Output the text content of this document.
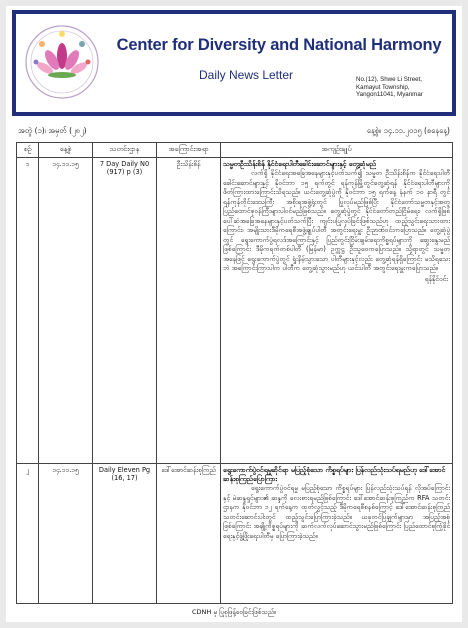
Center for Diversity and National Harmony
Daily News Letter	No.(12), Shwe Li Street,
Kamayut Township,
Yangon11041, Myanmar
အတွဲ (၁)၊ အမှတ် (၂၈၂)	နေ့စွဲ။ ၁၄.၁၁.၂၀၁၅ (စနေနေ့)
စဉ်	နေ့စွဲ	သတင်းဌာန	အကြောင်းအရာ	အကျဉ်းချုပ်
၁	၁၄.၁၁.၁၅	7 Day Daily N0 (917) p (3)	ဦးသိန်းစိန်	သမ္မတဦးသိန်းစိန် နိုင်ငံရေးပါတီခေါင်းဆောင်များနှင့် တွေ့ဆုံမည်
လက်ရှိ နိုင်ငံရေးအခြေအနေများနှင့်ပတ်သက်၍ သမ္မတ ဦးသိန်းစိန်က နိုင်ငံရေးပါတီခေါင်းဆောင်များနှင့် နိုဝင်ဘာ ၁၅ ရက်တွင် ရန်ကုန်မြို့တွင်တွေ့ဆုံရန် နိုင်ငံရေးပါတီများကို ဖိတ်ကြားထားကြောင်းသိရသည်။ ယင်းတွေ့ဆုံပွဲကို နိုဝင်ဘာ ၁၅ ရက်နေ့ နံနက် ၁၀ နာရီ တွင် ရန်ကုန်တိုင်းဒေသကြီး အစိုးရအဖွဲ့ရုံးတွင် ပြုလုပ်မည်ဖြစ်ပြီး နိုင်ငံတော်သမ္မတနှင့်အတူ ပြည်ထောင်စုဝန်ကြီးများပါဝင်မည်ဖြစ်သည်။ တွေ့ဆုံပွဲတွင် နိုင်ငံတော်တည်ငြိမ်ရေး၊ လက်ရှိဖြစ်ပေါ်ဆဲအခြေအနေများနှင့်ပတ်သက်ပြီး ကျင်းပပြုလုပ်ခြင်းဖြစ်သည်ဟု ထည့်သွင်းရေးသားထားကြောင်း၊ အမျိုးသားဒီမိုကရေစီအဖွဲ့ချုပ်ပါတီ အတွင်းရေးမှူး ဦးဉာဏ်ဝင်းကပြောသည်။ တွေ့ဆုံပွဲတွင် ရွေးကောက်ပွဲရလဒ်အကြောင်းနှင့် ပြည်တွင်းငြိမ်းချမ်းရေးကိစ္စရပ်များကို ဆွေးနွေးမည်ဖြစ်ကြောင်း ဒီမိုကရက်တစ်ပါတီ (မြန်မာ) ဥက္ကဋ္ဌ ဦးသူဝေကပြောသည်။ သို့ရာတွင် သမ္မတအနေဖြင့် ရွေးကောက်ပွဲတွင် ရှုံးနိမ့်သွားသော ပါတီများနှင့်လည်း တွေ့ဆုံရန်ရှိကြောင်း မသိရသေးဘဲ အကြောင်းကြားပါက ပါတီက တွေ့ဆုံသွားမည်ဟု ယင်းပါတီ အတွင်းရေးမှူးကပြောသည်။
ရန်နိုင်ဝင်း

၂	၁၄.၁၁.၁၅	Daily Eleven Pg (16, 17)	ဒေါ်အောင်ဆန်းစုကြည်	ရွေးကောက်ပွဲဝင်ရမှုဆိုင်ရာ မပြည့်စုံသော ကိစ္စရပ်များ ပြန်လည်သုံးသပ်ရမည်ဟု ဒေါ်အောင်ဆန်းစုကြည်ပြောကြား
ရွေးကောက်ပွဲဝင်ရမှု မပြည့်စုံသော ကိစ္စရပ်များ ပြန်လည်သုံးသပ်ရန် လိုအပ်ကြောင်းနှင့် မဲဆန္ဒရှင်များ၏ ဆန္ဒကို လေးစားရမည်ဖြစ်ကြောင်း ဒေါ်အောင်ဆန်းစုကြည်က RFA သတင်းဌာနက နိုဝင်ဘာ ၁၂ ရက်နေ့က ထုတ်လွှင့်သည့် ဒီမိုကရေစီစနစ်ကြောင့် ဒေါ်အောင်ဆန်းစုကြည် သတင်းဆောင်းပါးတွင် ထည့်သွင်းပြောကြားခဲ့သည်။ ယခုတင်ပြချက်များမှာ အပြည့်အစုံဖြစ်ကြောင်း အချို့ကိစ္စရပ်များကို ဆက်လက်လုပ်ဆောင်သွားမည်ဖြစ်ကြောင်း ပြည်ထောင်စုကြံ့ခိုင်ရေးနှင့်ဖွံ့ဖြိုးရေးပါတီမှ ပြောကြားခဲ့သည်။
CDNH မှ ပြုစုဖြန့်ဝေခြင်းဖြစ်သည်။
